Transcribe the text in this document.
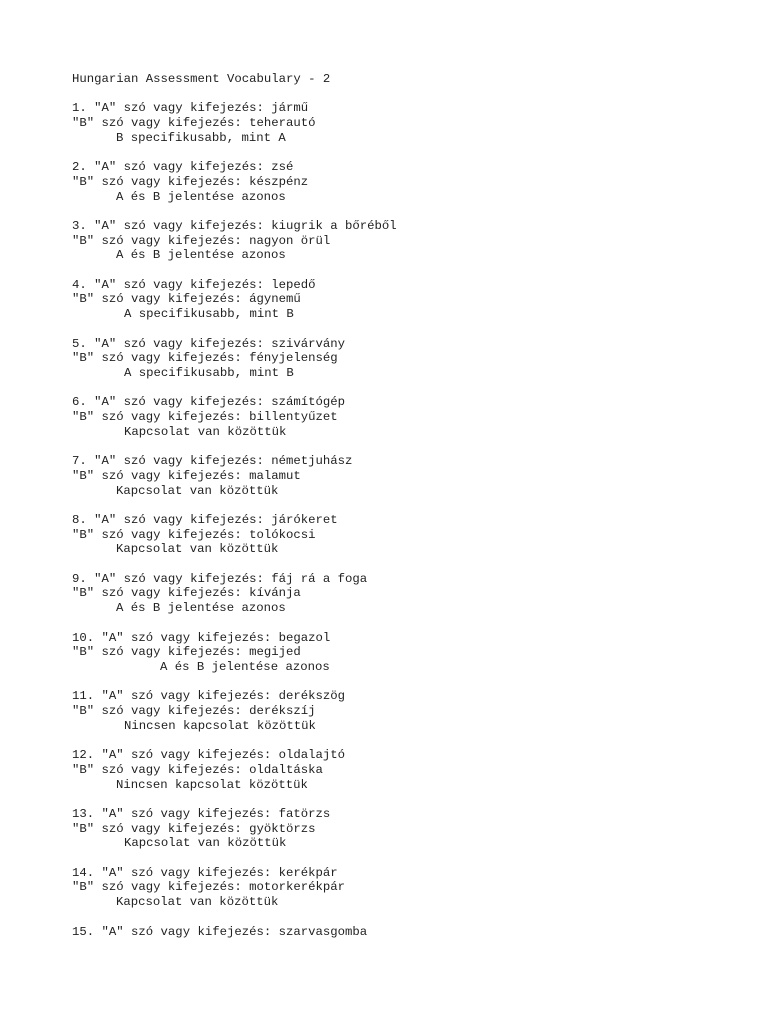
Hungarian Assessment Vocabulary - 2
1. "A" szó vagy kifejezés: jármű
"B" szó vagy kifejezés: teherautó
B specifikusabb, mint A
2. "A" szó vagy kifejezés: zsé
"B" szó vagy kifejezés: készpénz
A és B jelentése azonos
3. "A" szó vagy kifejezés: kiugrik a bőréből
"B" szó vagy kifejezés: nagyon örül
A és B jelentése azonos
4. "A" szó vagy kifejezés: lepedő
"B" szó vagy kifejezés: ágynemű
A specifikusabb, mint B
5. "A" szó vagy kifejezés: szivárvány
"B" szó vagy kifejezés: fényjelenség
A specifikusabb, mint B
6. "A" szó vagy kifejezés: számítógép
"B" szó vagy kifejezés: billentyűzet
Kapcsolat van közöttük
7. "A" szó vagy kifejezés: németjuhász
"B" szó vagy kifejezés: malamut
Kapcsolat van közöttük
8. "A" szó vagy kifejezés: járókeret
"B" szó vagy kifejezés: tolókocsi
Kapcsolat van közöttük
9. "A" szó vagy kifejezés: fáj rá a foga
"B" szó vagy kifejezés: kívánja
A és B jelentése azonos
10. "A" szó vagy kifejezés: begazol
"B" szó vagy kifejezés: megijed
A és B jelentése azonos
11. "A" szó vagy kifejezés: derékszög
"B" szó vagy kifejezés: derékszíj
Nincsen kapcsolat közöttük
12. "A" szó vagy kifejezés: oldalajtó
"B" szó vagy kifejezés: oldaltáska
Nincsen kapcsolat közöttük
13. "A" szó vagy kifejezés: fatörzs
"B" szó vagy kifejezés: gyöktörzs
Kapcsolat van közöttük
14. "A" szó vagy kifejezés: kerékpár
"B" szó vagy kifejezés: motorkerékpár
Kapcsolat van közöttük
15. "A" szó vagy kifejezés: szarvasgomba
